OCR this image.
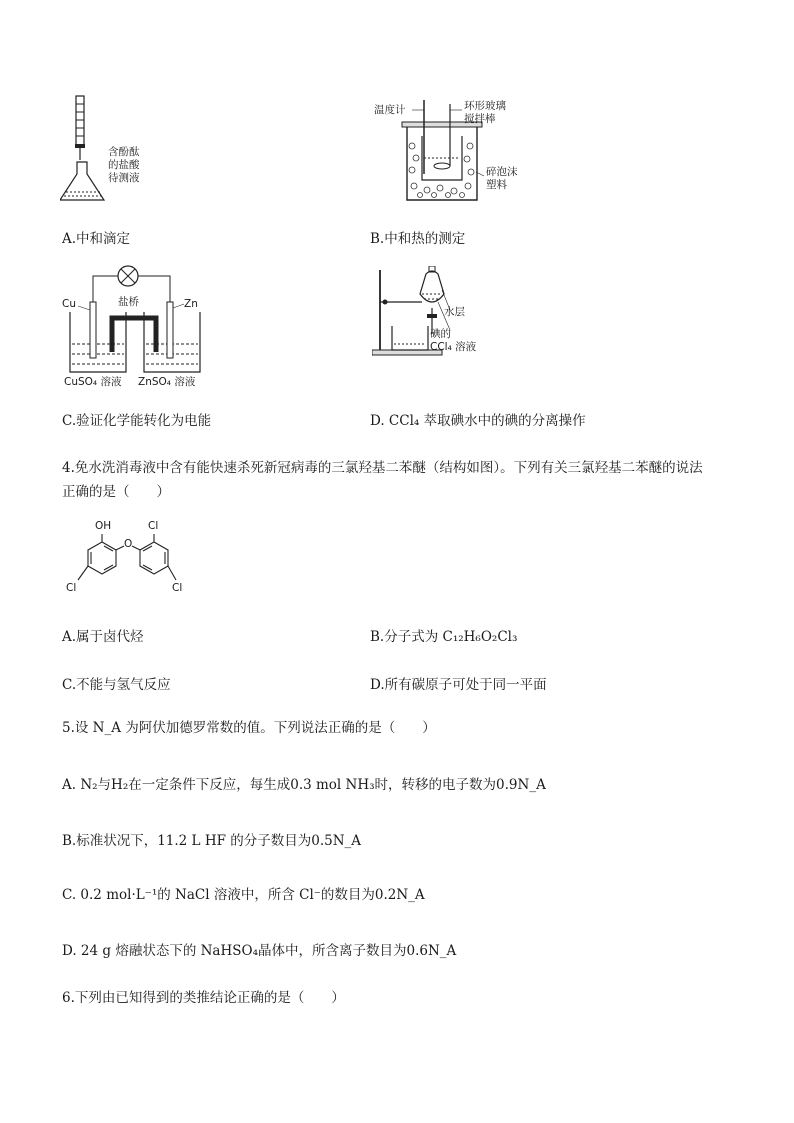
含酚酞
的盐酸
待测液
温度计	环形玻璃
搅拌棒
碎泡沫
塑料
A.中和滴定	B.中和热的测定
Cu	Zn
盐桥
CuSO₄ 溶液 ZnSO₄ 溶液
水层
碘的
CCl₄ 溶液
C.验证化学能转化为电能	D. CCl₄ 萃取碘水中的碘的分离操作
4.免水洗消毒液中含有能快速杀死新冠病毒的三氯羟基二苯醚（结构如图）。下列有关三氯羟基二苯醚的说法
正确的是（　　）
OH
O
Cl
Cl	Cl
A.属于卤代烃	B.分子式为 C₁₂H₆O₂Cl₃
C.不能与氢气反应	D.所有碳原子可处于同一平面
5.设 N_A 为阿伏加德罗常数的值。下列说法正确的是（　　）
A. N₂与H₂在一定条件下反应，每生成0.3 mol NH₃时，转移的电子数为0.9N_A
B.标准状况下，11.2 L HF 的分子数目为0.5N_A
C. 0.2 mol·L⁻¹的 NaCl 溶液中，所含 Cl⁻的数目为0.2N_A
D. 24 g 熔融状态下的 NaHSO₄晶体中，所含离子数目为0.6N_A
6.下列由已知得到的类推结论正确的是（　　）
